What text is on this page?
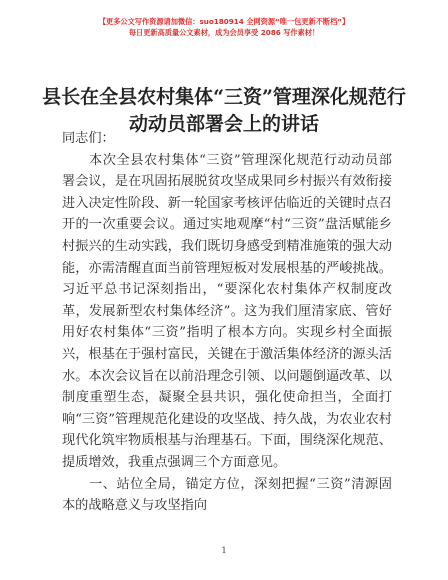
【更多公文写作资源请加微信：suo180914 全网资源“唯一包更新不断档”】
每日更新高质量公文素材，成为会员享受 2086 写作素材！
县长在全县农村集体“三资”管理深化规范行
动动员部署会上的讲话

同志们：

本次全县农村集体“三资”管理深化规范行动动员部署会议，是在巩固拓展脱贫攻坚成果同乡村振兴有效衔接进入决定性阶段、新一轮国家考核评估临近的关键时点召开的一次重要会议。通过实地观摩“村“三资”盘活赋能乡村振兴的生动实践，我们既切身感受到精准施策的强大动能，亦需清醒直面当前管理短板对发展根基的严峻挑战。习近平总书记深刻指出，“要深化农村集体产权制度改革，发展新型农村集体经济”。这为我们厘清家底、管好用好农村集体“三资”指明了根本方向。实现乡村全面振兴，根基在于强村富民，关键在于激活集体经济的源头活水。本次会议旨在以前沿理念引领、以问题倒逼改革、以制度重塑生态，凝聚全县共识，强化使命担当，全面打响“三资”管理规范化建设的攻坚战、持久战，为农业农村现代化筑牢物质根基与治理基石。下面，围绕深化规范、提质增效，我重点强调三个方面意见。

一、站位全局，锚定方位，深刻把握“三资”清源固本的战略意义与攻坚指向

1
